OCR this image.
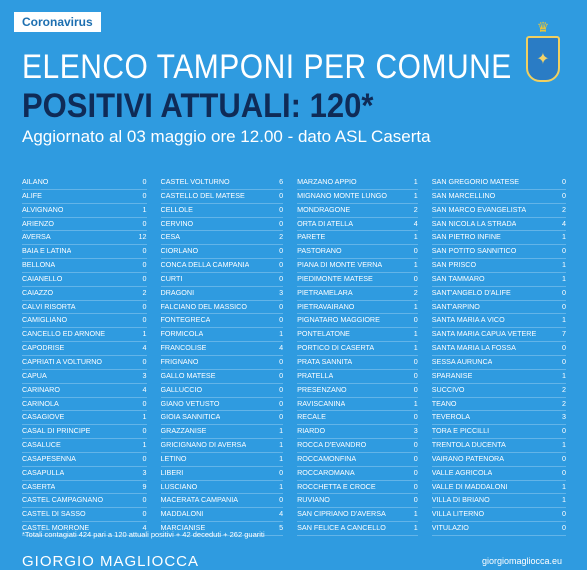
Coronavirus	♛
✦
ELENCO TAMPONI PER COMUNE
POSITIVI ATTUALI: 120*
Aggiornato al 03 maggio ore 12.00 - dato ASL Caserta
AILANO	0
ALIFE	0
ALVIGNANO	1
ARIENZO	0
AVERSA	12
BAIA E LATINA	0
BELLONA	0
CAIANELLO	0
CAIAZZO	2
CALVI RISORTA	0
CAMIGLIANO	0
CANCELLO ED ARNONE	1
CAPODRISE	4
CAPRIATI A VOLTURNO	0
CAPUA	3
CARINARO	4
CARINOLA	0
CASAGIOVE	1
CASAL DI PRINCIPE	0
CASALUCE	1
CASAPESENNA	0
CASAPULLA	3
CASERTA	9
CASTEL CAMPAGNANO	0
CASTEL DI SASSO	0
CASTEL MORRONE	4
CASTEL VOLTURNO	6
CASTELLO DEL MATESE	0
CELLOLE	0
CERVINO	0
CESA	2
CIORLANO	0
CONCA DELLA CAMPANIA	0
CURTI	0
DRAGONI	3
FALCIANO DEL MASSICO	0
FONTEGRECA	0
FORMICOLA	1
FRANCOLISE	4
FRIGNANO	0
GALLO MATESE	0
GALLUCCIO	0
GIANO VETUSTO	0
GIOIA SANNITICA	0
GRAZZANISE	1
GRICIGNANO DI AVERSA	1
LETINO	1
LIBERI	0
LUSCIANO	1
MACERATA CAMPANIA	0
MADDALONI	4
MARCIANISE	5
MARZANO APPIO	1
MIGNANO MONTE LUNGO	1
MONDRAGONE	2
ORTA DI ATELLA	4
PARETE	1
PASTORANO	0
PIANA DI MONTE VERNA	1
PIEDIMONTE MATESE	0
PIETRAMELARA	2
PIETRAVAIRANO	1
PIGNATARO MAGGIORE	0
PONTELATONE	1
PORTICO DI CASERTA	1
PRATA SANNITA	0
PRATELLA	0
PRESENZANO	0
RAVISCANINA	1
RECALE	0
RIARDO	3
ROCCA D'EVANDRO	0
ROCCAMONFINA	0
ROCCAROMANA	0
ROCCHETTA E CROCE	0
RUVIANO	0
SAN CIPRIANO D'AVERSA	1
SAN FELICE A CANCELLO	1
SAN GREGORIO MATESE	0
SAN MARCELLINO	0
SAN MARCO EVANGELISTA	2
SAN NICOLA LA STRADA	4
SAN PIETRO INFINE	1
SAN POTITO SANNITICO	0
SAN PRISCO	1
SAN TAMMARO	1
SANT'ANGELO D'ALIFE	0
SANT'ARPINO	0
SANTA MARIA A VICO	1
SANTA MARIA CAPUA VETERE	7
SANTA MARIA LA FOSSA	0
SESSA AURUNCA	0
SPARANISE	1
SUCCIVO	2
TEANO	2
TEVEROLA	3
TORA E PICCILLI	0
TRENTOLA DUCENTA	1
VAIRANO PATENORA	0
VALLE AGRICOLA	0
VALLE DI MADDALONI	1
VILLA DI BRIANO	1
VILLA LITERNO	0
VITULAZIO	0
*Totali contagiati 424 pari a 120 attuali positivi + 42 deceduti + 262 guariti
GIORGIO MAGLIOCCA	giorgiomagliocca.eu
